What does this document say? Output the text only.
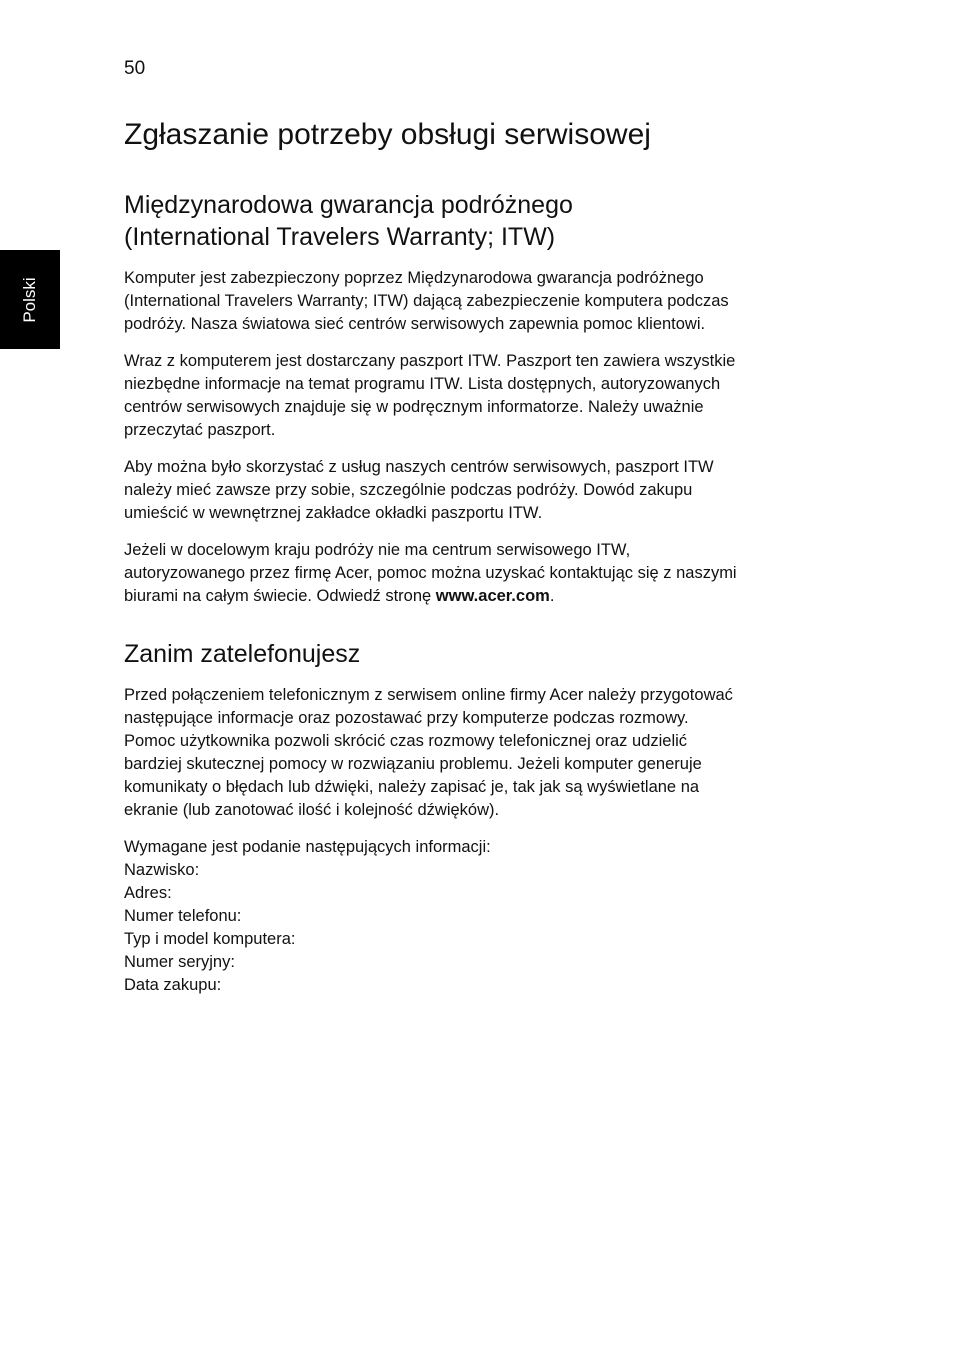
50
Polski
Zgłaszanie potrzeby obsługi serwisowej
Międzynarodowa gwarancja podróżnego
(International Travelers Warranty; ITW)

Komputer jest zabezpieczony poprzez Międzynarodowa gwarancja podróżnego
(International Travelers Warranty; ITW) dającą zabezpieczenie komputera podczas
podróży. Nasza światowa sieć centrów serwisowych zapewnia pomoc klientowi.

Wraz z komputerem jest dostarczany paszport ITW. Paszport ten zawiera wszystkie
niezbędne informacje na temat programu ITW. Lista dostępnych, autoryzowanych
centrów serwisowych znajduje się w podręcznym informatorze. Należy uważnie
przeczytać paszport.

Aby można było skorzystać z usług naszych centrów serwisowych, paszport ITW
należy mieć zawsze przy sobie, szczególnie podczas podróży. Dowód zakupu
umieścić w wewnętrznej zakładce okładki paszportu ITW.

Jeżeli w docelowym kraju podróży nie ma centrum serwisowego ITW,
autoryzowanego przez firmę Acer, pomoc można uzyskać kontaktując się z naszymi
biurami na całym świecie. Odwiedź stronę www.acer.com.

Zanim zatelefonujesz

Przed połączeniem telefonicznym z serwisem online firmy Acer należy przygotować
następujące informacje oraz pozostawać przy komputerze podczas rozmowy.
Pomoc użytkownika pozwoli skrócić czas rozmowy telefonicznej oraz udzielić
bardziej skutecznej pomocy w rozwiązaniu problemu. Jeżeli komputer generuje
komunikaty o błędach lub dźwięki, należy zapisać je, tak jak są wyświetlane na
ekranie (lub zanotować ilość i kolejność dźwięków).

Wymagane jest podanie następujących informacji:
Nazwisko:
Adres:
Numer telefonu:
Typ i model komputera:
Numer seryjny:
Data zakupu:
